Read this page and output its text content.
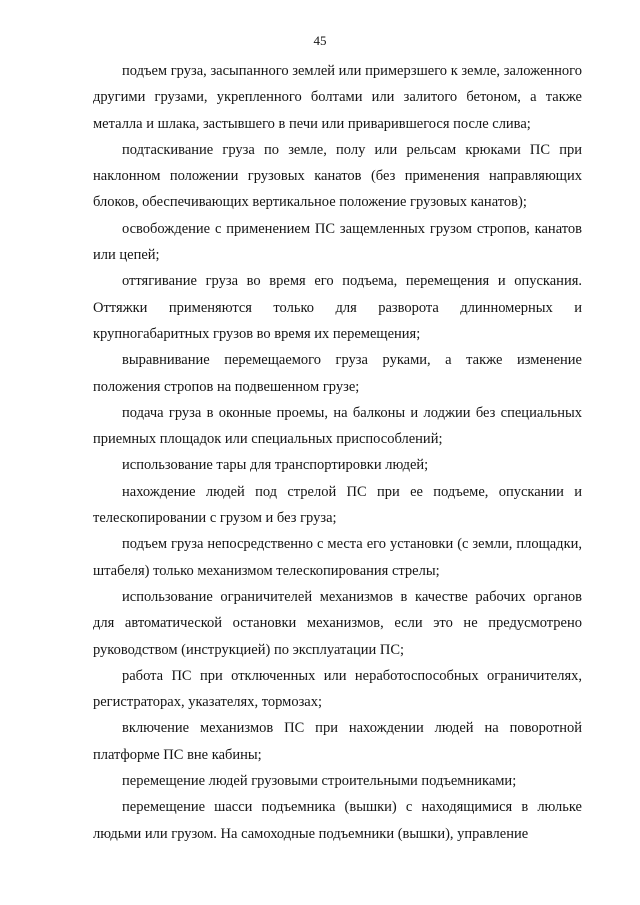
45

подъем груза, засыпанного землей или примерзшего к земле, заложенного другими грузами, укрепленного болтами или залитого бетоном, а также металла и шлака, застывшего в печи или приварившегося после слива;

подтаскивание груза по земле, полу или рельсам крюками ПС при наклонном положении грузовых канатов (без применения направляющих блоков, обеспечивающих вертикальное положение грузовых канатов);

освобождение с применением ПС защемленных грузом стропов, канатов или цепей;

оттягивание груза во время его подъема, перемещения и опускания. Оттяжки применяются только для разворота длинномерных и крупногабаритных грузов во время их перемещения;

выравнивание перемещаемого груза руками, а также изменение положения стропов на подвешенном грузе;

подача груза в оконные проемы, на балконы и лоджии без специальных приемных площадок или специальных приспособлений;

использование тары для транспортировки людей;

нахождение людей под стрелой ПС при ее подъеме, опускании и телескопировании с грузом и без груза;

подъем груза непосредственно с места его установки (с земли, площадки, штабеля) только механизмом телескопирования стрелы;

использование ограничителей механизмов в качестве рабочих органов для автоматической остановки механизмов, если это не предусмотрено руководством (инструкцией) по эксплуатации ПС;

работа ПС при отключенных или неработоспособных ограничителях, регистраторах, указателях, тормозах;

включение механизмов ПС при нахождении людей на поворотной платформе ПС вне кабины;

перемещение людей грузовыми строительными подъемниками;

перемещение шасси подъемника (вышки) с находящимися в люльке людьми или грузом. На самоходные подъемники (вышки), управление
